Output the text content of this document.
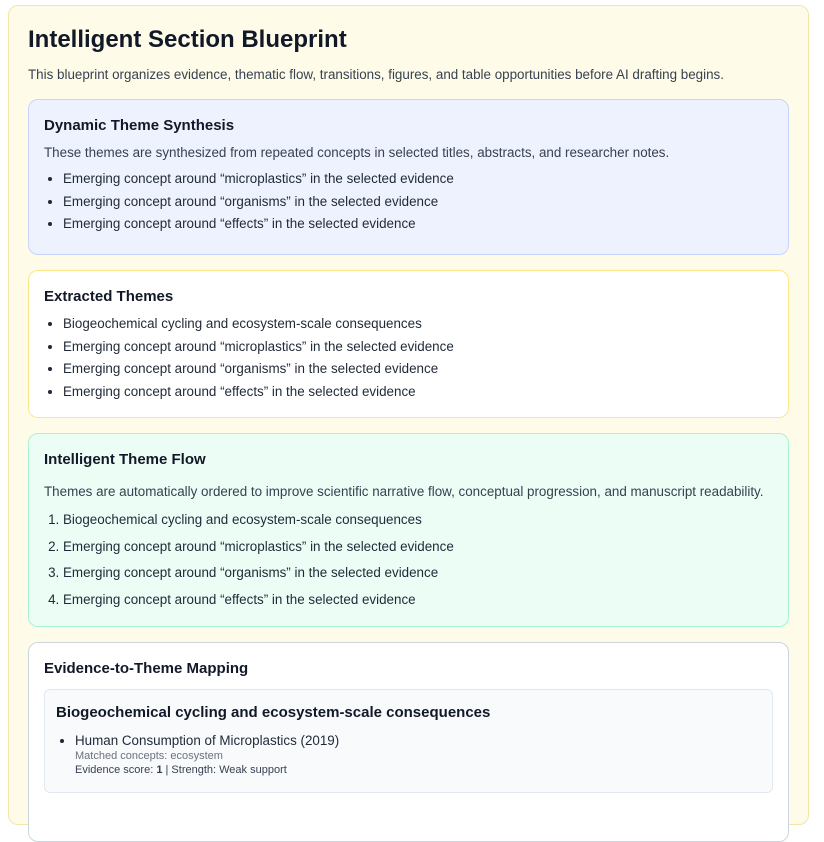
Intelligent Section Blueprint

This blueprint organizes evidence, thematic flow, transitions, figures, and table opportunities before AI drafting begins.

Dynamic Theme Synthesis

These themes are synthesized from repeated concepts in selected titles, abstracts, and researcher notes.

• Emerging concept around “microplastics” in the selected evidence
• Emerging concept around “organisms” in the selected evidence
• Emerging concept around “effects” in the selected evidence
Extracted Themes
• Biogeochemical cycling and ecosystem-scale consequences
• Emerging concept around “microplastics” in the selected evidence
• Emerging concept around “organisms” in the selected evidence
• Emerging concept around “effects” in the selected evidence
Intelligent Theme Flow

Themes are automatically ordered to improve scientific narrative flow, conceptual progression, and manuscript readability.

1. Biogeochemical cycling and ecosystem-scale consequences
2. Emerging concept around “microplastics” in the selected evidence
3. Emerging concept around “organisms” in the selected evidence
4. Emerging concept around “effects” in the selected evidence
Evidence-to-Theme Mapping
Biogeochemical cycling and ecosystem-scale consequences
• Human Consumption of Microplastics (2019)
Matched concepts: ecosystem
Evidence score: 1 | Strength: Weak support
